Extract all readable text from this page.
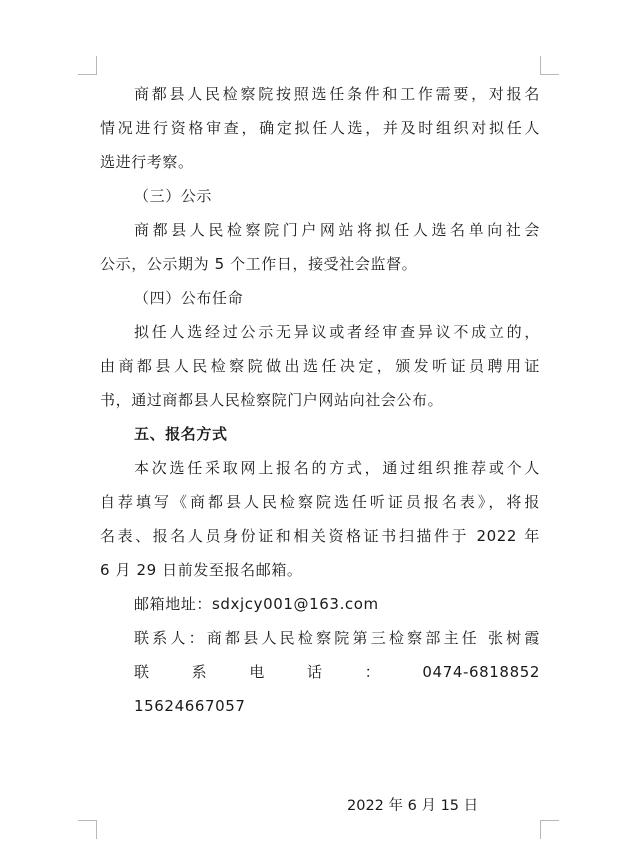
商都县人民检察院按照选任条件和工作需要，对报名
情况进行资格审查，确定拟任人选，并及时组织对拟任人
选进行考察。
（三）公示
商都县人民检察院门户网站将拟任人选名单向社会
公示，公示期为 5 个工作日，接受社会监督。
（四）公布任命
拟任人选经过公示无异议或者经审查异议不成立的，
由商都县人民检察院做出选任决定，颁发听证员聘用证
书，通过商都县人民检察院门户网站向社会公布。
五、报名方式
本次选任采取网上报名的方式，通过组织推荐或个人
自荐填写《商都县人民检察院选任听证员报名表》，将报
名表、报名人员身份证和相关资格证书扫描件于 2022 年
6 月 29 日前发至报名邮箱。
邮箱地址：sdxjcy001@163.com
联系人：商都县人民检察院第三检察部主任 张树霞
联 系 电 话 ： 0474-6818852
15624667057
2022 年 6 月 15 日
